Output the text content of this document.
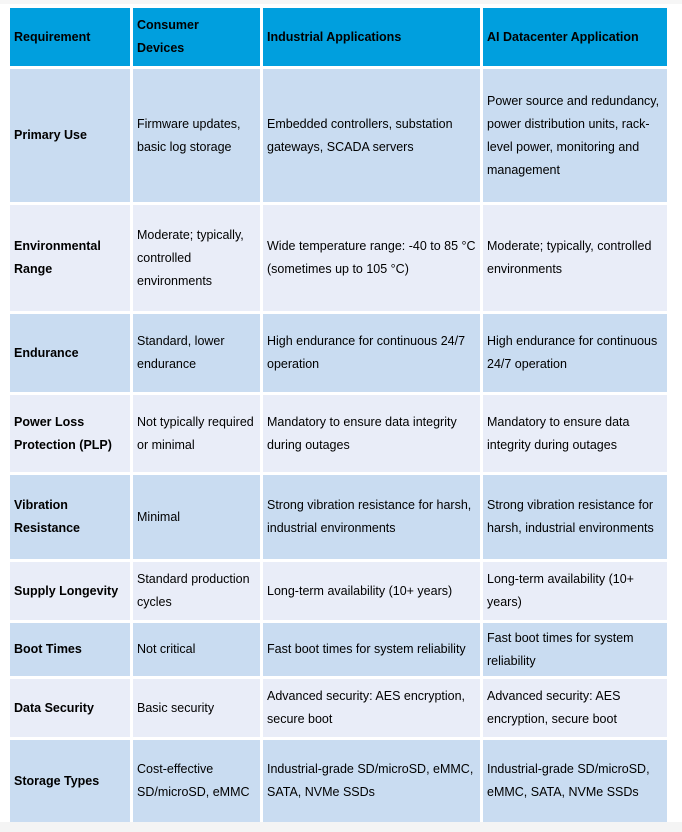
Requirement	Consumer Devices	Industrial Applications	AI Datacenter Application
Primary Use	Firmware updates, basic log storage	Embedded controllers, substation gateways, SCADA servers	Power source and redundancy, power distribution units, rack-level power, monitoring and management
Environmental Range	Moderate; typically, controlled environments	Wide temperature range: -40 to 85 °C (sometimes up to 105 °C)	Moderate; typically, controlled environments
Endurance	Standard, lower endurance	High endurance for continuous 24/7 operation	High endurance for continuous 24/7 operation
Power Loss Protection (PLP)	Not typically required or minimal	Mandatory to ensure data integrity during outages	Mandatory to ensure data integrity during outages
Vibration Resistance	Minimal	Strong vibration resistance for harsh, industrial environments	Strong vibration resistance for harsh, industrial environments
Supply Longevity	Standard production cycles	Long-term availability (10+ years)	Long-term availability (10+ years)
Boot Times	Not critical	Fast boot times for system reliability	Fast boot times for system reliability
Data Security	Basic security	Advanced security: AES encryption, secure boot	Advanced security: AES encryption, secure boot
Storage Types	Cost-effective SD/microSD, eMMC	Industrial-grade SD/microSD, eMMC, SATA, NVMe SSDs	Industrial-grade SD/microSD, eMMC, SATA, NVMe SSDs
